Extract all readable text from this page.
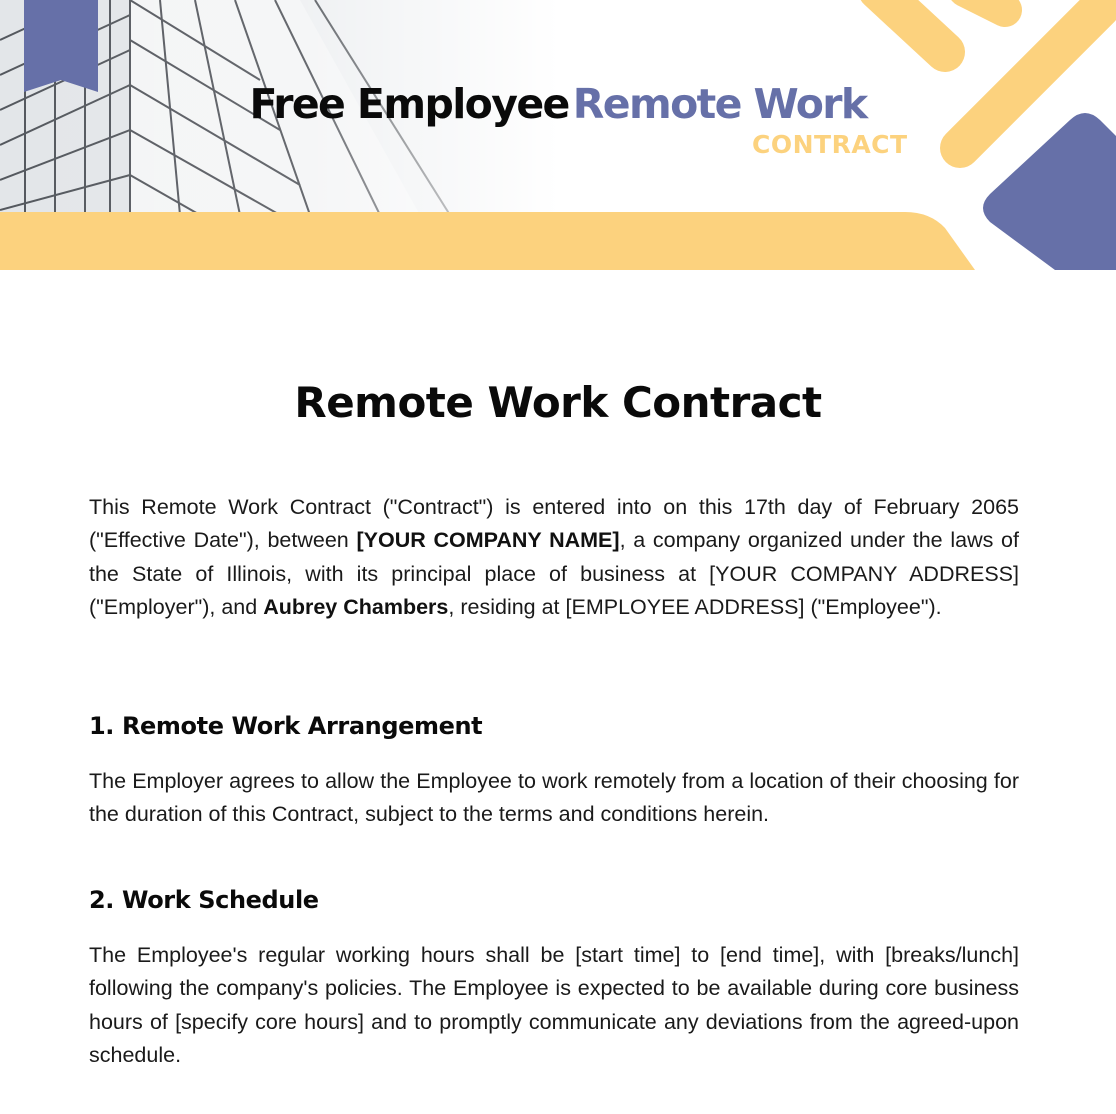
Free EmployeeRemote Work
CONTRACT
Remote Work Contract

This Remote Work Contract ("Contract") is entered into on this 17th day of February 2065 ("Effective Date"), between [YOUR COMPANY NAME], a company organized under the laws of the State of Illinois, with its principal place of business at [YOUR COMPANY ADDRESS] ("Employer"), and Aubrey Chambers, residing at [EMPLOYEE ADDRESS] ("Employee").

1. Remote Work Arrangement

The Employer agrees to allow the Employee to work remotely from a location of their choosing for the duration of this Contract, subject to the terms and conditions herein.

2. Work Schedule

The Employee's regular working hours shall be [start time] to [end time], with [breaks/lunch] following the company's policies. The Employee is expected to be available during core business hours of [specify core hours] and to promptly communicate any deviations from the agreed-upon schedule.
